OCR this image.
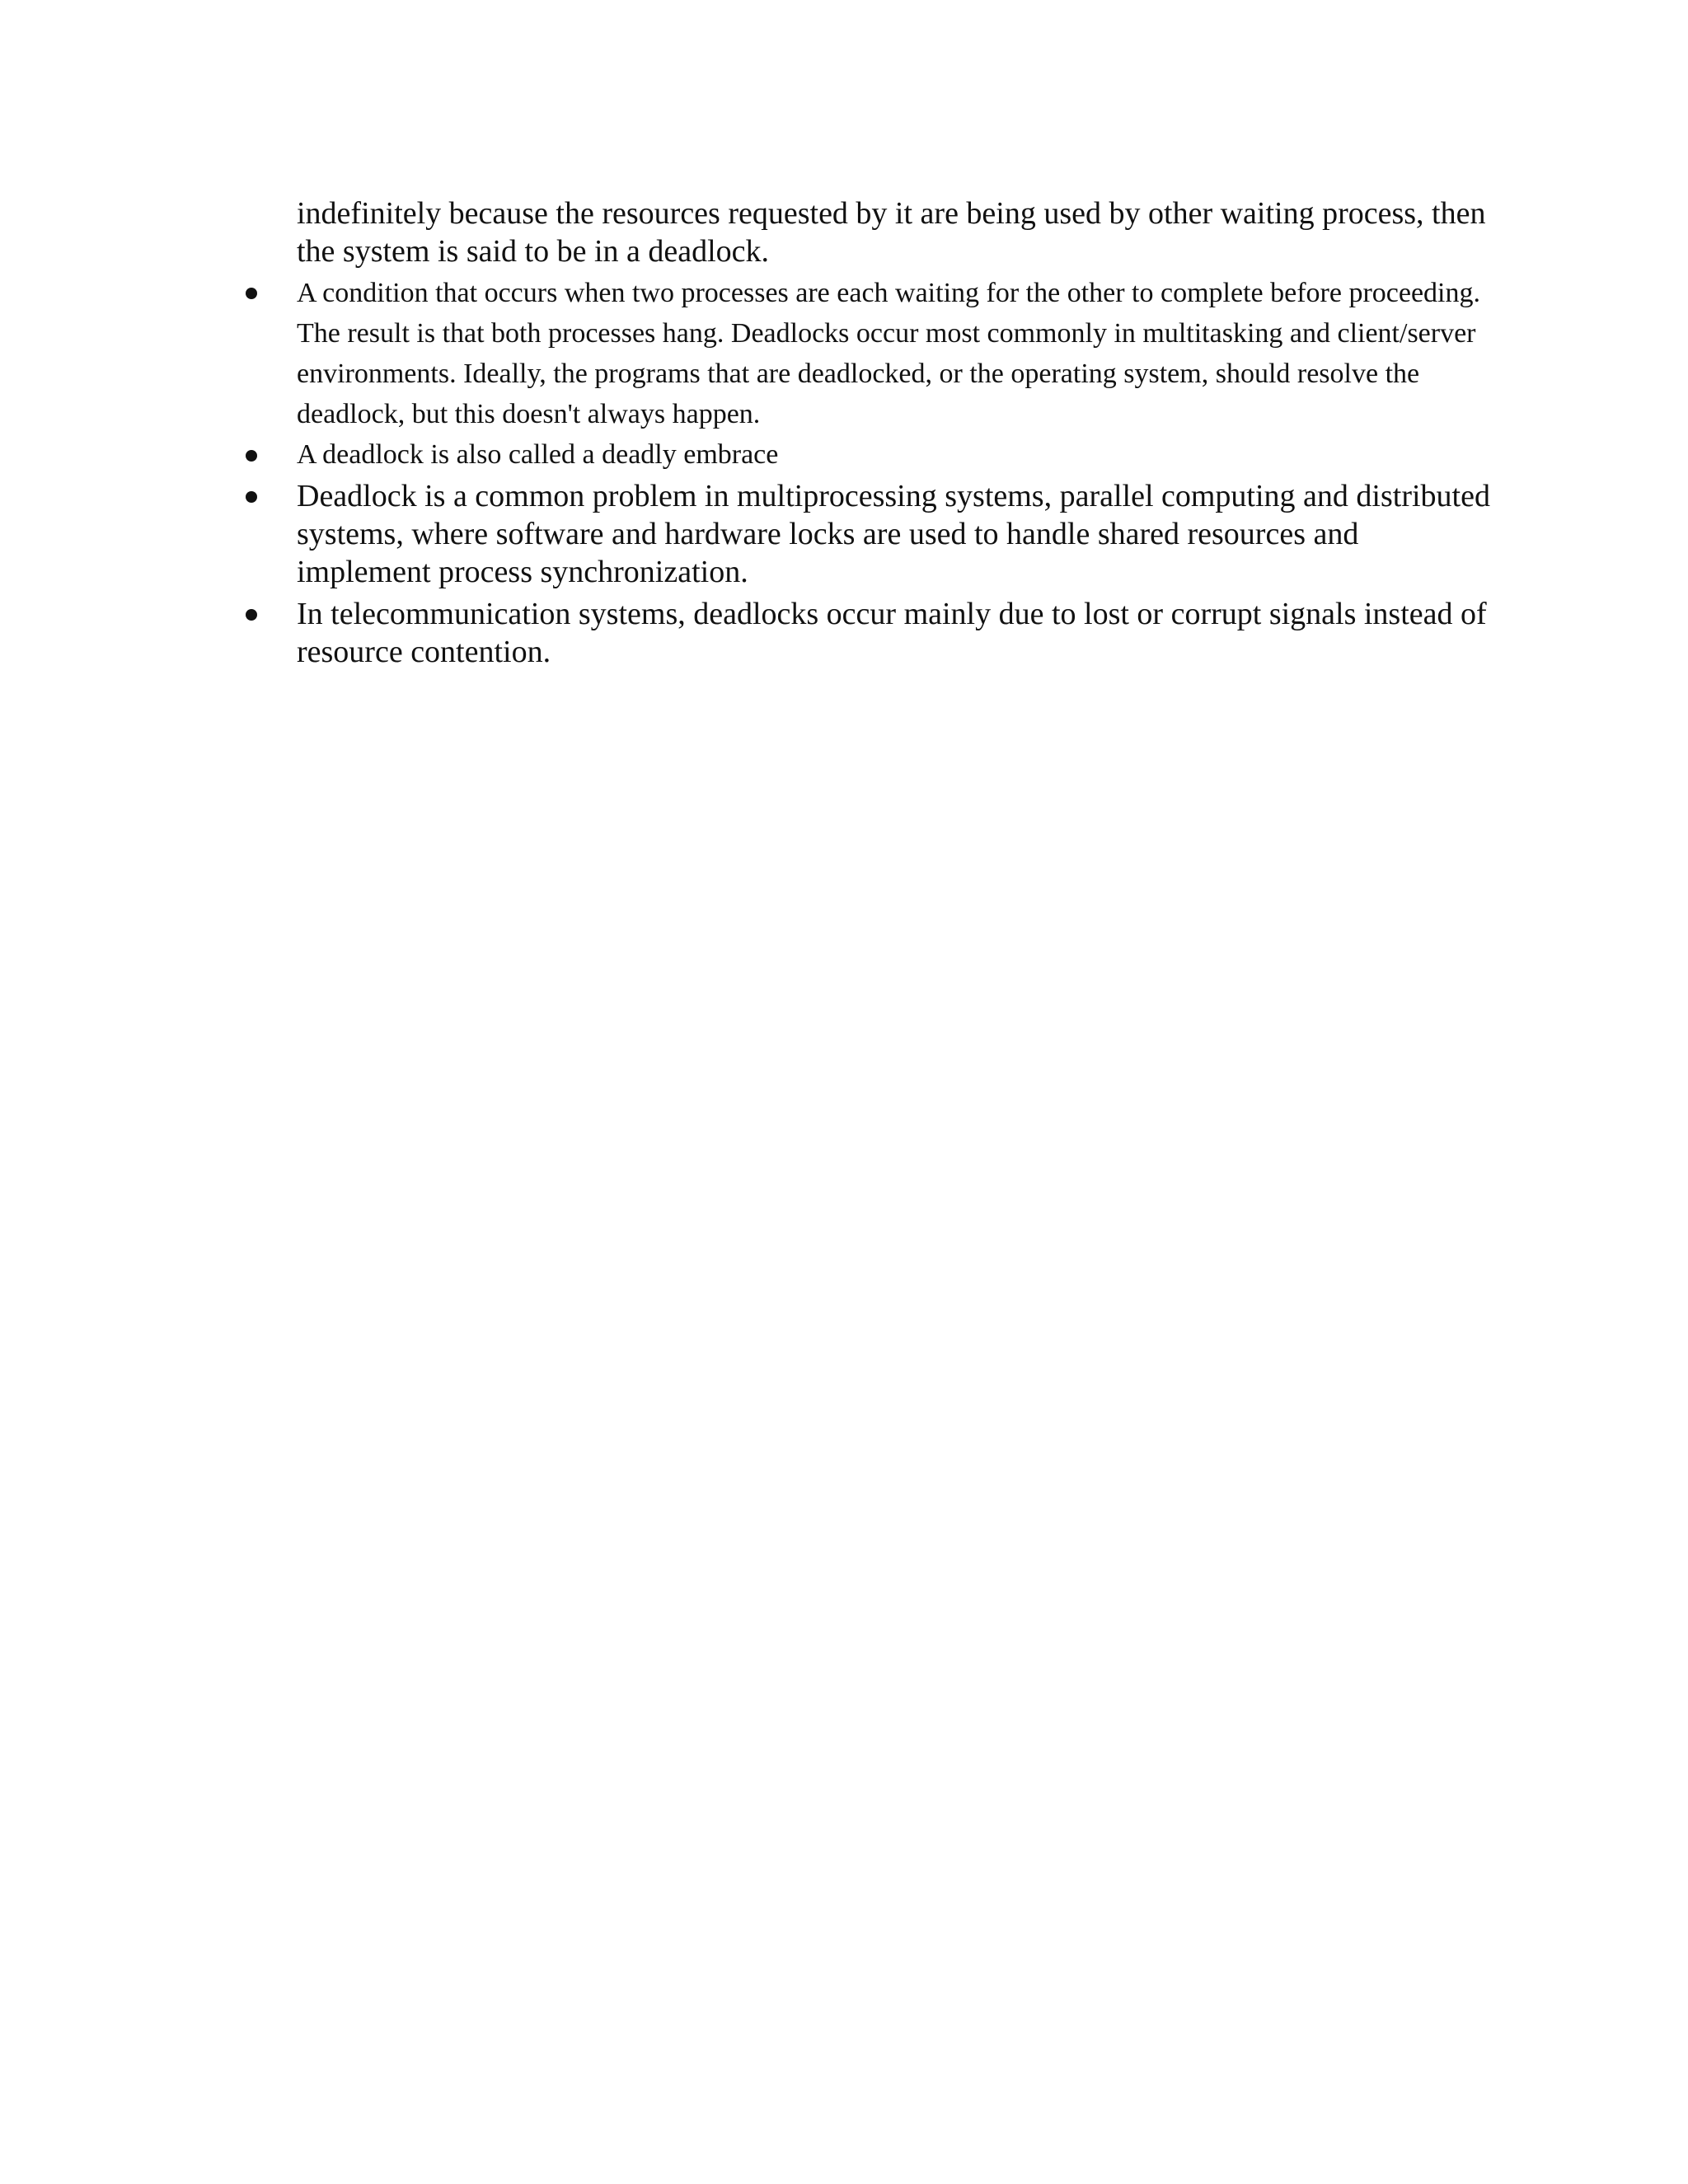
indefinitely because the resources requested by it are being used by other waiting process, then the system is said to be in a deadlock.
A condition that occurs when two processes are each waiting for the other to complete before proceeding. The result is that both processes hang. Deadlocks occur most commonly in multitasking and client/server environments. Ideally, the programs that are deadlocked, or the operating system, should resolve the deadlock, but this doesn't always happen.
A deadlock is also called a deadly embrace
Deadlock is a common problem in multiprocessing systems, parallel computing and distributed systems, where software and hardware locks are used to handle shared resources and implement process synchronization.
In telecommunication systems, deadlocks occur mainly due to lost or corrupt signals instead of resource contention.
